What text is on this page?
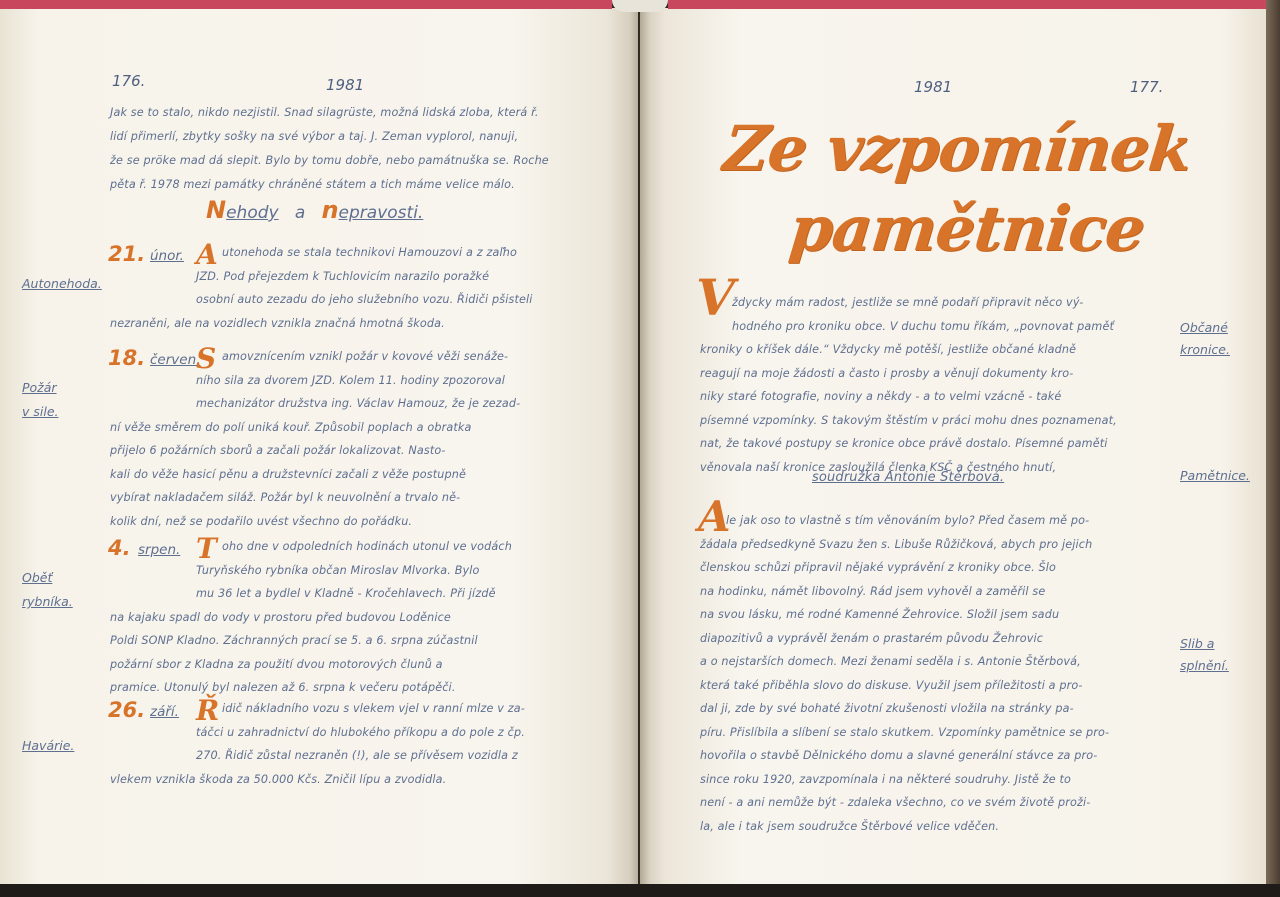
176.	1981
Jak se to stalo, nikdo nezjistil. Snad silagrüste, možná lidská zloba, která ř.
lidí přimerlí, zbytky sošky na své výbor a taj. J. Zeman vyplorol, nanuji,
že se pröke mad dá slepit. Bylo by tomu dobře, nebo památnuška se. Roche
pěta ř. 1978 mezi památky chráněné státem a tich máme velice málo.
Nehody a nepravosti.
21. únor. A utonehoda se stala technikovi Hamouzovi a z zaľho
JZD. Pod přejezdem k Tuchlovicím narazilo poražké
osobní auto zezadu do jeho služebního vozu. Řidiči pšisteli
nezraněni, ale na vozidlech vznikla značná hmotná škoda.
Autonehoda.
18. červen.
S amovznícením vznikl požár v kovové věži senáže-
ního sila za dvorem JZD. Kolem 11. hodiny zpozoroval
mechanizátor družstva ing. Václav Hamouz, že je zezad-
ní věže směrem do polí uniká kouř. Způsobil poplach a obratka
přijelo 6 požárních sborů a začali požár lokalizovat. Nasto-
kali do věže hasicí pěnu a družstevníci začali z věže postupně
vybírat nakladačem siláž. Požár byl k neuvolnění a trvalo ně-
kolik dní, než se podařilo uvést všechno do pořádku.
Požár
v sile.
4. srpen. T oho dne v odpoledních hodinách utonul ve vodách
Turyňského rybníka občan Miroslav Mlvorka. Bylo
mu 36 let a bydlel v Kladně - Kročehlavech. Při jízdě
na kajaku spadl do vody v prostoru před budovou Loděnice
Poldi SONP Kladno. Záchranných prací se 5. a 6. srpna zúčastnil
požární sbor z Kladna za použití dvou motorových člunů a
pramice. Utonulý byl nalezen až 6. srpna k večeru potápěči.
Oběť
rybníka.
26. září. Ř idič nákladního vozu s vlekem vjel v ranní mlze v za-
táčci u zahradnictví do hlubokého příkopu a do pole z čp.
270. Řidič zůstal nezraněn (!), ale se přívěsem vozidla z
vlekem vznikla škoda za 50.000 Kčs. Zničil lípu a zvodidla.
Havárie.
1981	177.
Ze vzpomínek
pamětnice
V
ždycky mám radost, jestliže se mně podaří připravit něco vý-
hodného pro kroniku obce. V duchu tomu říkám, „povnovat paměť
kroniky o kříšek dále.“ Vždycky mě potěší, jestliže občané kladně
reagují na moje žádosti a často i prosby a věnují dokumenty kro-
niky staré fotografie, noviny a někdy - a to velmi vzácně - také
písemné vzpomínky. S takovým štěstím v práci mohu dnes poznamenat,
nat, že takové postupy se kronice obce právě dostalo. Písemné paměti
věnovala naší kronice zasloužilá členka KSČ a čestného hnutí,
soudružka Antonie Štěrbová.
A
le jak oso to vlastně s tím věnováním bylo? Před časem mě po-
žádala předsedkyně Svazu žen s. Libuše Růžičková, abych pro jejich
členskou schůzi připravil nějaké vyprávění z kroniky obce. Šlo
na hodinku, námět libovolný. Rád jsem vyhověl a zaměřil se
na svou lásku, mé rodné Kamenné Žehrovice. Složil jsem sadu
diapozitivů a vyprávěl ženám o prastarém původu Žehrovic
a o nejstarších domech. Mezi ženami seděla i s. Antonie Štěrbová,
která také přiběhla slovo do diskuse. Využil jsem příležitosti a pro-
dal ji, zde by své bohaté životní zkušenosti vložila na stránky pa-
píru. Přislíbila a slíbení se stalo skutkem. Vzpomínky pamětnice se pro-
hovořila o stavbě Dělnického domu a slavné generální stávce za pro-
since roku 1920, zavzpomínala i na některé soudruhy. Jistě že to
není - a ani nemůže být - zdaleka všechno, co ve svém životě proži-
la, ale i tak jsem soudružce Štěrbové velice vděčen.
Občané
kronice.
Pamětnice.
Slib a
splnění.
